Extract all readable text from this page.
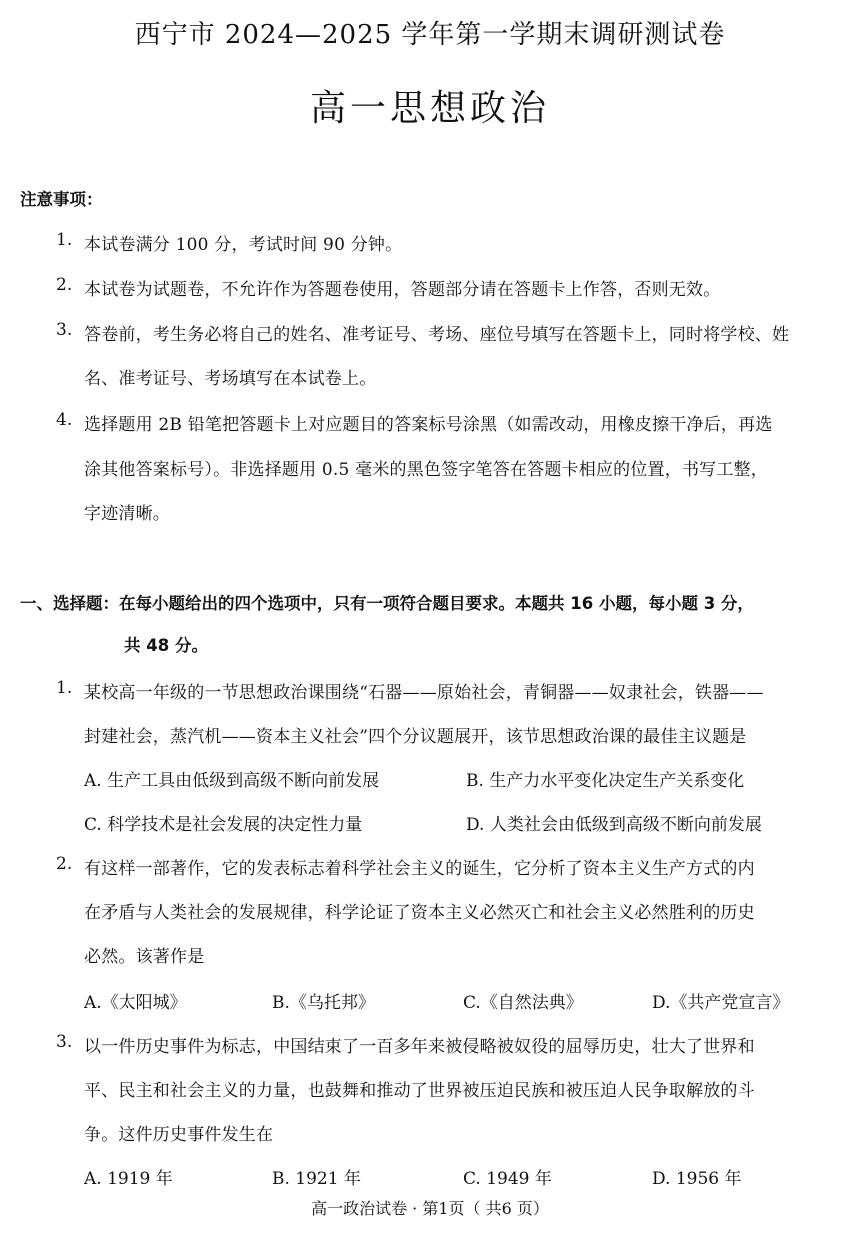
西宁市 2024—2025 学年第一学期末调研测试卷
高一思想政治
注意事项：
1. 本试卷满分 100 分，考试时间 90 分钟。
2. 本试卷为试题卷，不允许作为答题卷使用，答题部分请在答题卡上作答，否则无效。
3. 答卷前，考生务必将自己的姓名、准考证号、考场、座位号填写在答题卡上，同时将学校、姓
名、准考证号、考场填写在本试卷上。
4. 选择题用 2B 铅笔把答题卡上对应题目的答案标号涂黑（如需改动，用橡皮擦干净后，再选
涂其他答案标号）。非选择题用 0.5 毫米的黑色签字笔答在答题卡相应的位置，书写工整，
字迹清晰。
一、选择题：在每小题给出的四个选项中，只有一项符合题目要求。本题共 16 小题，每小题 3 分，
共 48 分。
1. 某校高一年级的一节思想政治课围绕“石器——原始社会，青铜器——奴隶社会，铁器——
封建社会，蒸汽机——资本主义社会”四个分议题展开，该节思想政治课的最佳主议题是
A. 生产工具由低级到高级不断向前发展	B. 生产力水平变化决定生产关系变化
C. 科学技术是社会发展的决定性力量	D. 人类社会由低级到高级不断向前发展
2. 有这样一部著作，它的发表标志着科学社会主义的诞生，它分析了资本主义生产方式的内
在矛盾与人类社会的发展规律，科学论证了资本主义必然灭亡和社会主义必然胜利的历史
必然。该著作是
A.《太阳城》	B.《乌托邦》	C.《自然法典》	D.《共产党宣言》
3. 以一件历史事件为标志，中国结束了一百多年来被侵略被奴役的屈辱历史，壮大了世界和
平、民主和社会主义的力量，也鼓舞和推动了世界被压迫民族和被压迫人民争取解放的斗
争。这件历史事件发生在
A. 1919 年	B. 1921 年	C. 1949 年	D. 1956 年
高一政治试卷 · 第1页（ 共6 页）
